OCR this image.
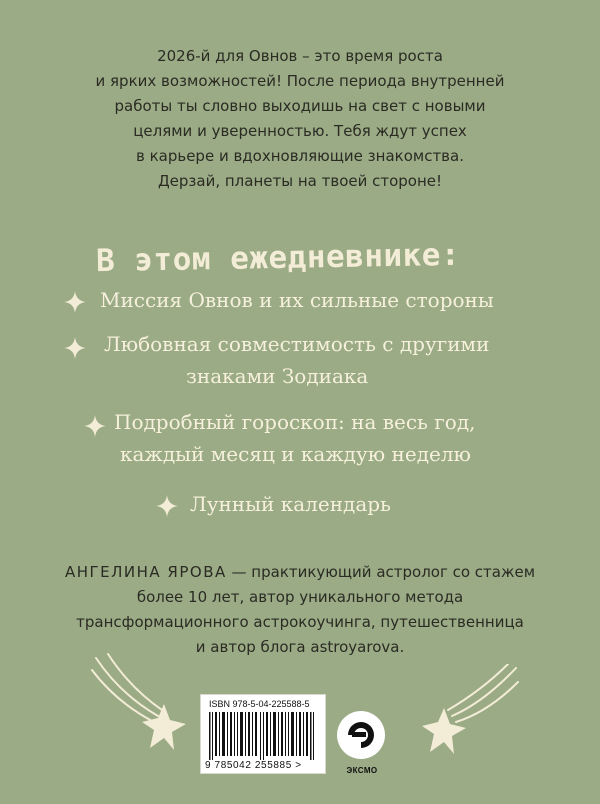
2026-й для Овнов – это время роста

и ярких возможностей! После периода внутренней

работы ты словно выходишь на свет с новыми

целями и уверенностью. Тебя ждут успех

в карьере и вдохновляющие знакомства.

Дерзай, планеты на твоей стороне!

В этом ежедневнике:
Миссия Овнов и их сильные стороны
Любовная совместимость с другими
знаками Зодиака
Подробный гороскоп: на весь год,
каждый месяц и каждую неделю
Лунный календарь
АНГЕЛИНА ЯРОВА — практикующий астролог со стажем
более 10 лет, автор уникального метода
трансформационного астрокоучинга, путешественница
и автор блога astroyarova.
ISBN 978-5-04-225588-5
9 785042 255885 >	ЭКСМО
